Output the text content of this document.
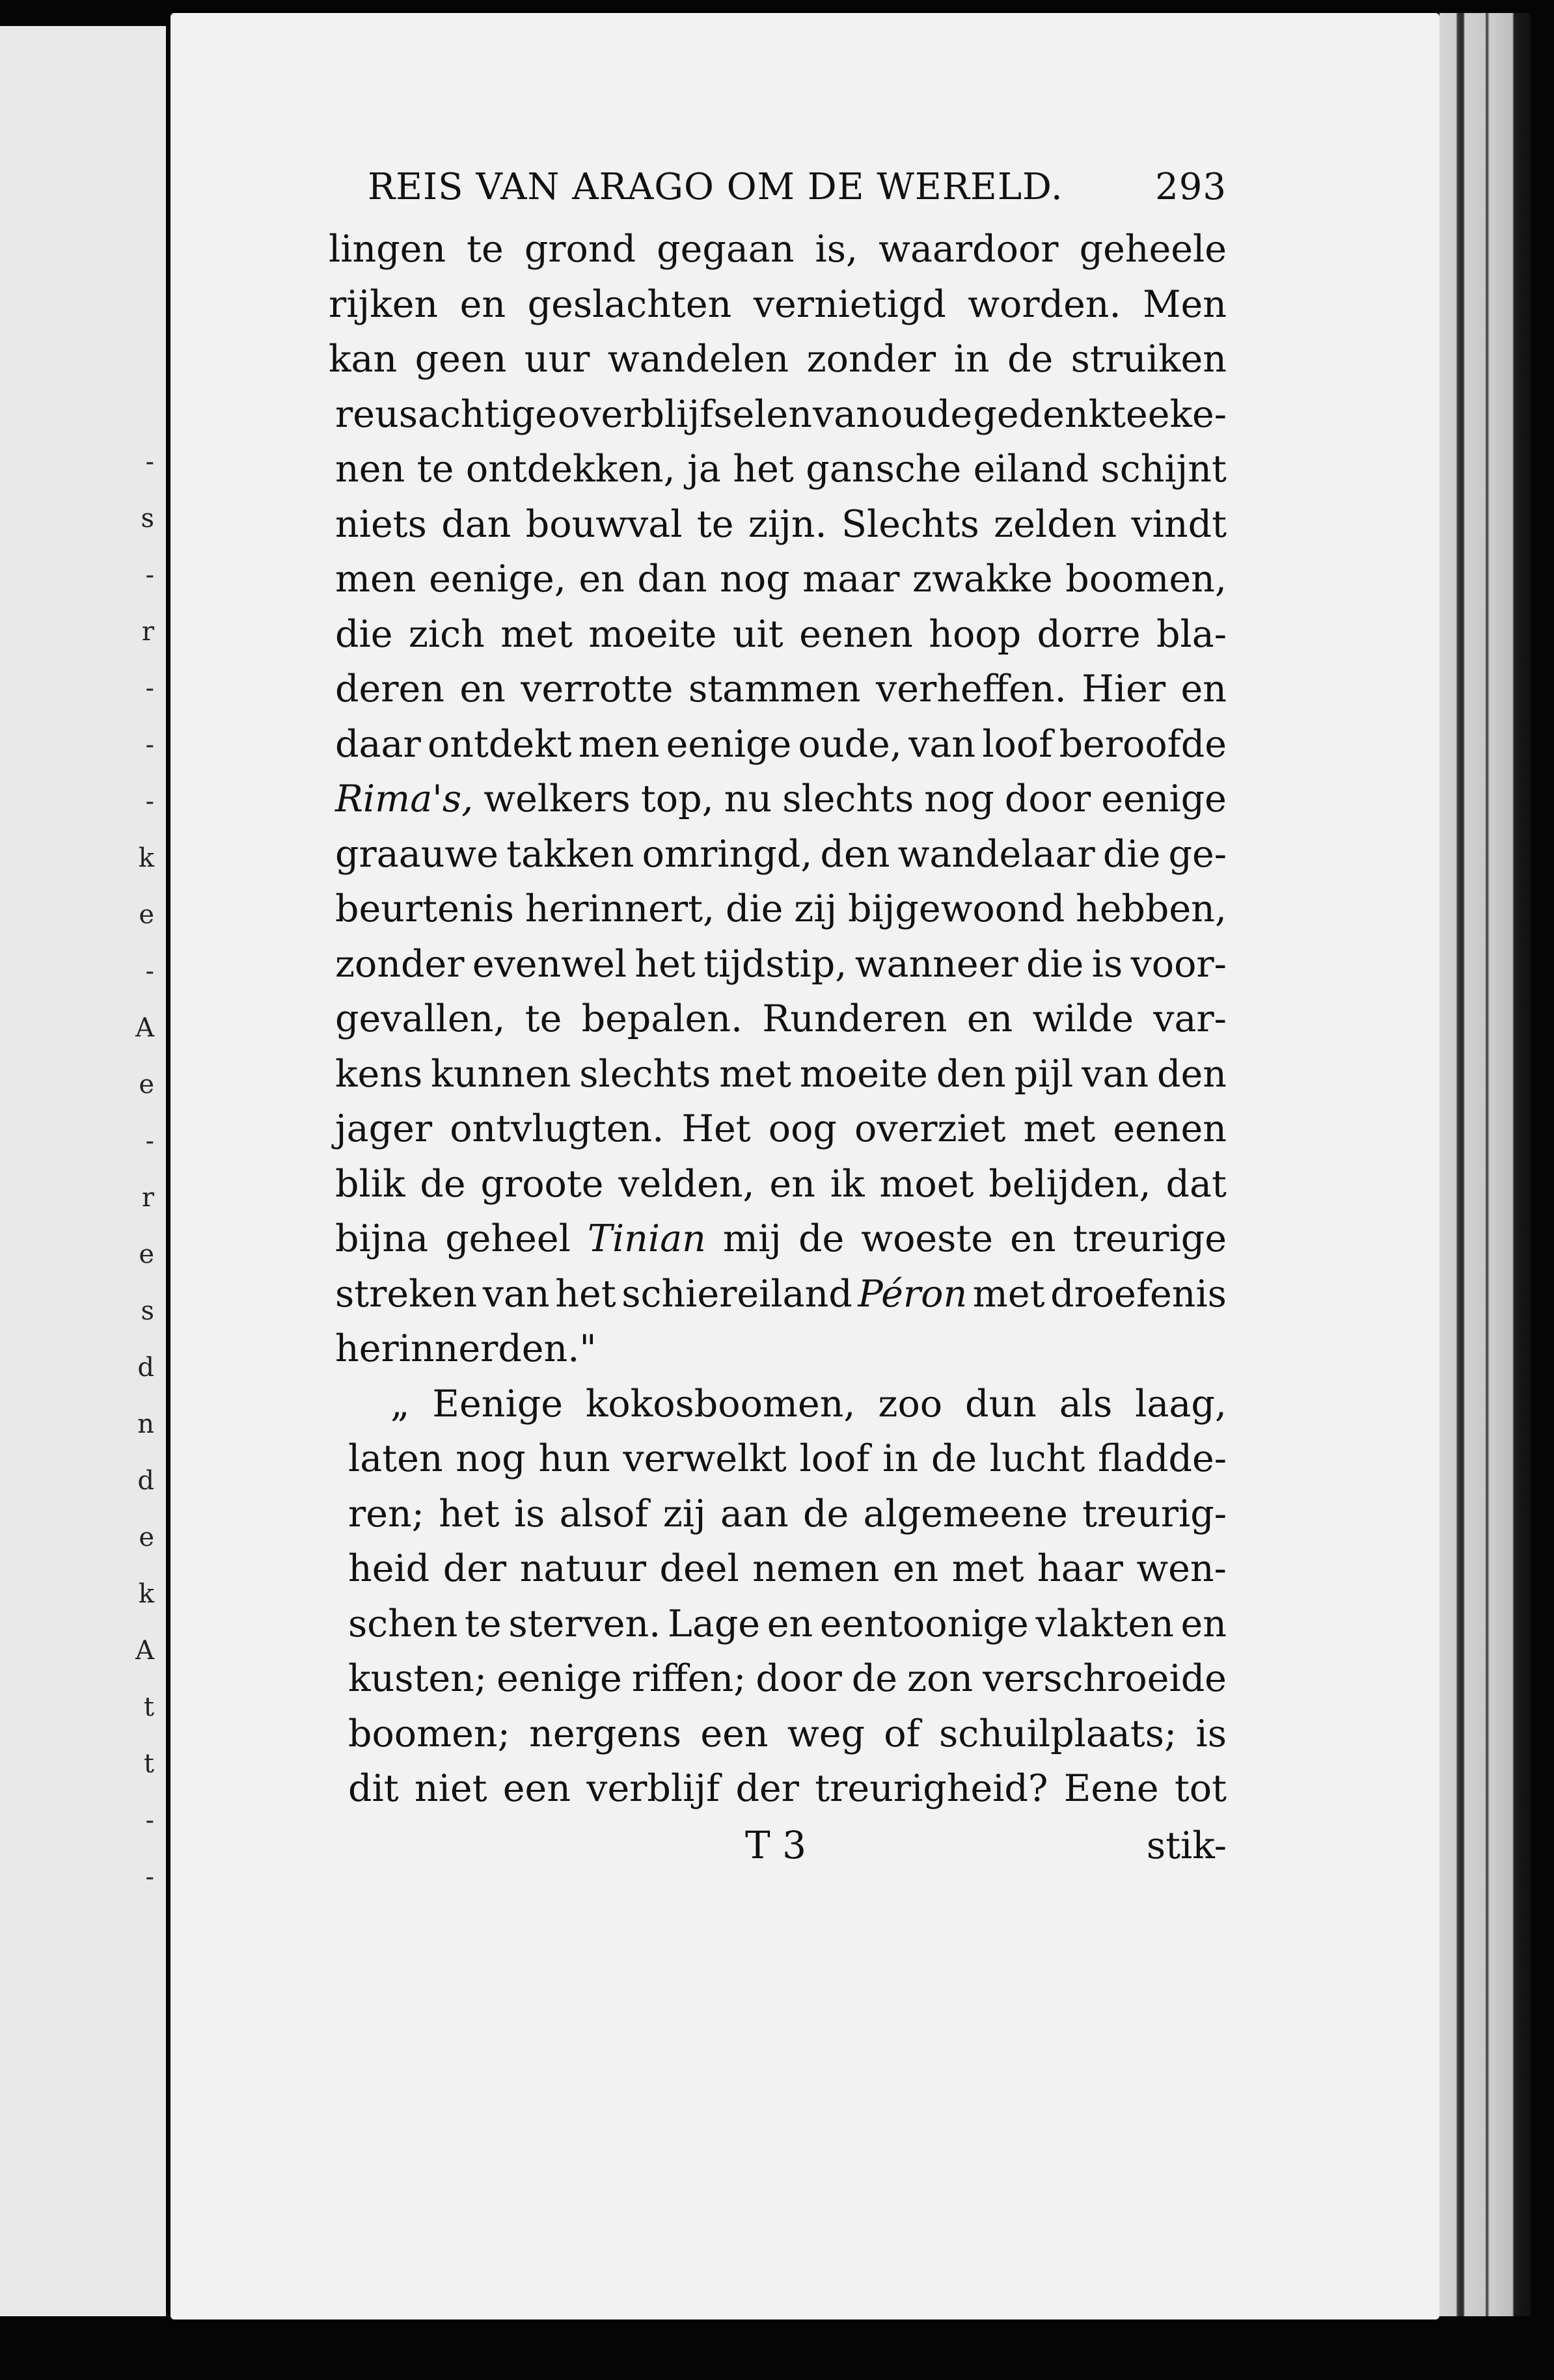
-
s
-
r
-
-
-
k
e
-
A
e
-
r
e
s
d
n
d
e
k
A
t
t
-
-
REIS VAN ARAGO OM DE WERELD.	293
lingen te grond gegaan is, waardoor geheele
rijken en geslachten vernietigd worden. Men
kan geen uur wandelen zonder in de struiken
reusachtige overblijfselen van oude gedenkteeke-
nen te ontdekken, ja het gansche eiland schijnt
niets dan bouwval te zijn. Slechts zelden vindt
men eenige, en dan nog maar zwakke boomen,
die zich met moeite uit eenen hoop dorre bla-
deren en verrotte stammen verheffen. Hier en
daar ontdekt men eenige oude, van loof beroofde
Rima's, welkers top, nu slechts nog door eenige
graauwe takken omringd, den wandelaar die ge-
beurtenis herinnert, die zij bijgewoond hebben,
zonder evenwel het tijdstip, wanneer die is voor-
gevallen, te bepalen. Runderen en wilde var-
kens kunnen slechts met moeite den pijl van den
jager ontvlugten. Het oog overziet met eenen
blik de groote velden, en ik moet belijden, dat
bijna geheel Tinian mij de woeste en treurige
streken van het schiereiland Péron met droefenis
herinnerden."
„ Eenige kokosboomen, zoo dun als laag,
laten nog hun verwelkt loof in de lucht fladde-
ren; het is alsof zij aan de algemeene treurig-
heid der natuur deel nemen en met haar wen-
schen te sterven. Lage en eentoonige vlakten en
kusten; eenige riffen; door de zon verschroeide
boomen; nergens een weg of schuilplaats; is
dit niet een verblijf der treurigheid? Eene tot
T 3	stik-
